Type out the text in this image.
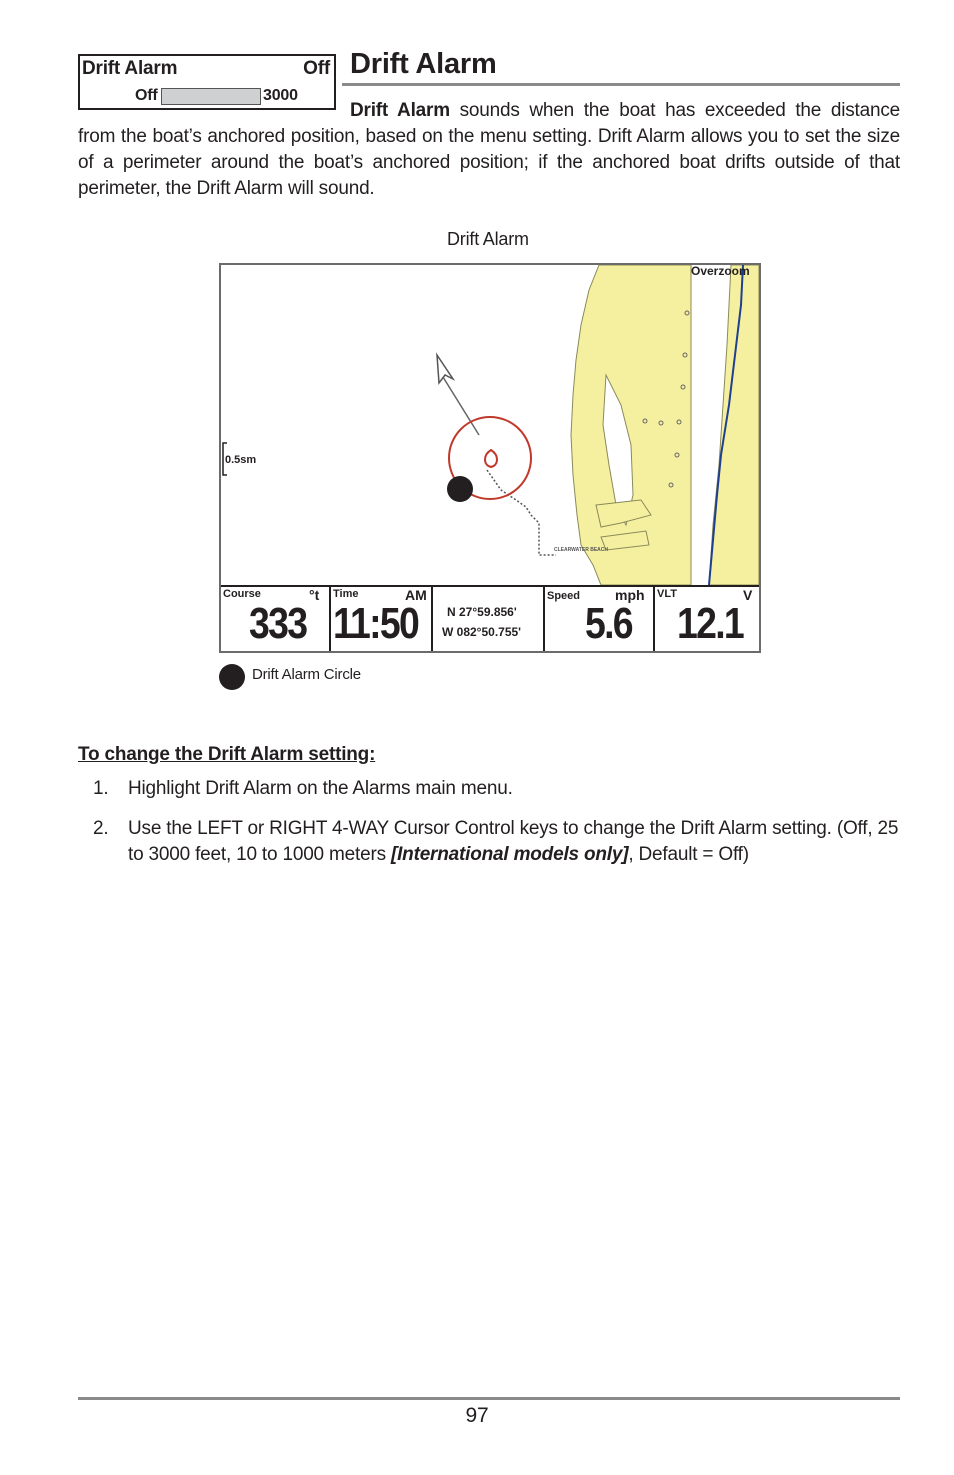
Drift Alarm	Off
Off	3000
Drift Alarm

Drift Alarm sounds when the boat has exceeded the distance from the boat’s anchored position, based on the menu setting. Drift Alarm allows you to set the size of a perimeter around the boat’s anchored position; if the anchored boat drifts outside of that perimeter, the Drift Alarm will sound.

Drift Alarm
0.5sm
Overzoom
CLEARWATER BEACH
Course	°t
333
Time	AM
11:50 N 27°59.856'
W 082°50.755'
Speed mph
5.6
VLT	V
12.1
Drift Alarm Circle
To change the Drift Alarm setting:
1. Highlight Drift Alarm on the Alarms main menu.
2. Use the LEFT or RIGHT 4-WAY Cursor Control keys to change the Drift Alarm setting. (Off, 25 to 3000 feet, 10 to 1000 meters [International models only], Default = Off)
97
